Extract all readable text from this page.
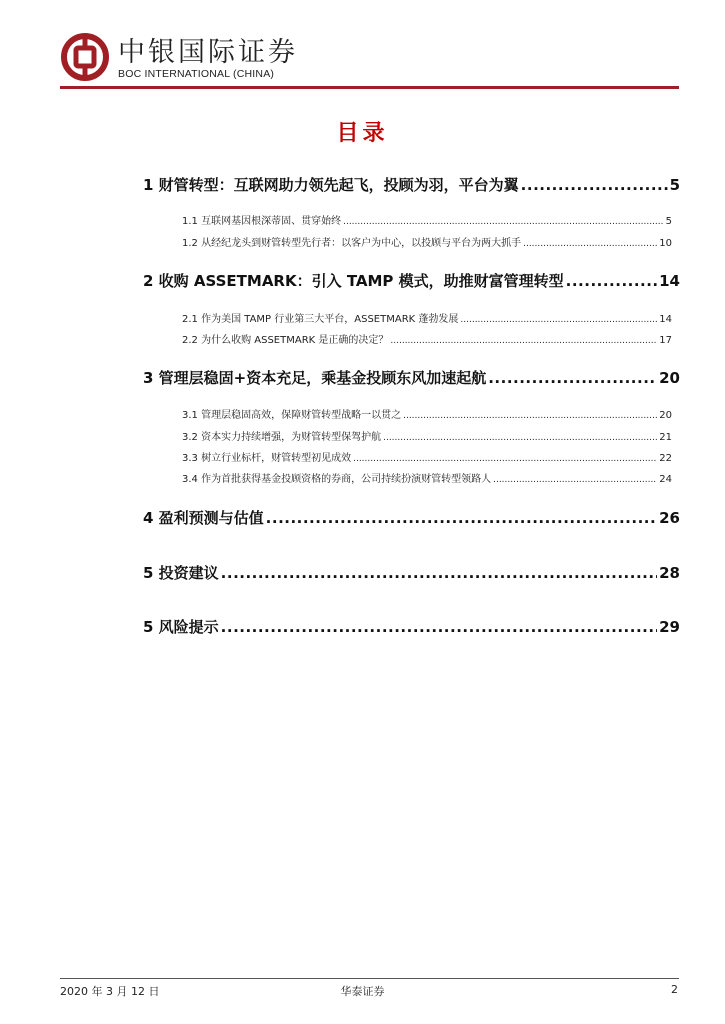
中银国际证券
BOC INTERNATIONAL (CHINA)
目录
1 财管转型：互联网助力领先起飞，投顾为羽，平台为翼 .....	5
1.1 互联网基因根深蒂固、贯穿始终 .....	5
1.2 从经纪龙头到财管转型先行者：以客户为中心，以投顾与平台为两大抓手 .....	10
2 收购 ASSETMARK：引入 TAMP 模式，助推财富管理转型 .....	14
2.1 作为美国 TAMP 行业第三大平台，ASSETMARK 蓬勃发展 .....	14
2.2 为什么收购 ASSETMARK 是正确的决定？ .....	17
3 管理层稳固+资本充足，乘基金投顾东风加速起航 .....	20
3.1 管理层稳固高效，保障财管转型战略一以贯之 .....	20
3.2 资本实力持续增强，为财管转型保驾护航 .....	21
3.3 树立行业标杆，财管转型初见成效 .....	22
3.4 作为首批获得基金投顾资格的券商，公司持续扮演财管转型领路人 .....	24
4 盈利预测与估值 .....	26
5 投资建议 .....	28
5 风险提示 .....	29
2020 年 3 月 12 日	华泰证券	2
